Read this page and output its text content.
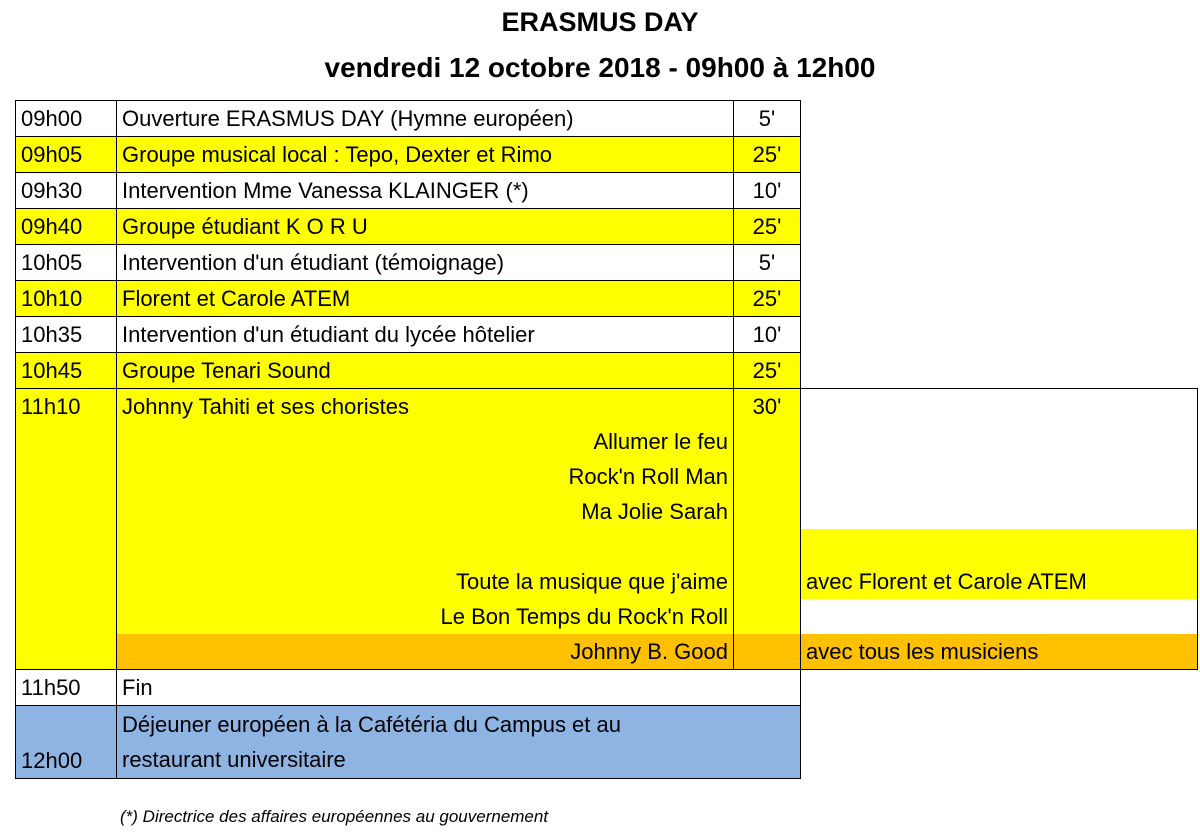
ERASMUS DAY
vendredi 12 octobre 2018 - 09h00 à 12h00
09h00	Ouverture ERASMUS DAY (Hymne européen)	5'	
09h05	Groupe musical local : Tepo, Dexter et Rimo	25'	
09h30	Intervention Mme Vanessa KLAINGER (*)	10'	
09h40	Groupe étudiant K O R U	25'	
10h05	Intervention d'un étudiant (témoignage)	5'	
10h10	Florent et Carole ATEM	25'	
10h35	Intervention d'un étudiant du lycée hôtelier	10'	
10h45	Groupe Tenari Sound	25'	
11h10	Johnny Tahiti et ses choristes	30'	
	Allumer le feu		
	Rock'n Roll Man		
	Ma Jolie Sarah		

	Toute la musique que j'aime		avec Florent et Carole ATEM
	Le Bon Temps du Rock'n Roll		
	Johnny B. Good		avec tous les musiciens
11h50	Fin		
12h00	Déjeuner européen à la Cafétéria du Campus et au
restaurant universitaire		

(*) Directrice des affaires européennes au gouvernement
